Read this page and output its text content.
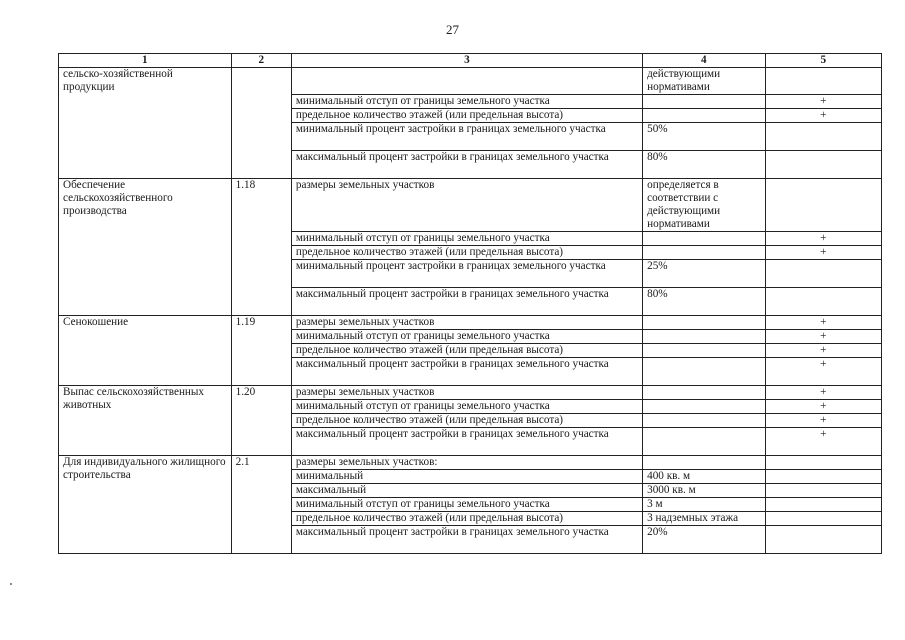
27
1	2	3	4	5
сельско-хозяйственной продукции			действующими нормативами	
		минимальный отступ от границы земельного участка		+
		предельное количество этажей (или предельная высота)		+
		минимальный процент застройки в границах земельного участка	50%	
		максимальный процент застройки в границах земельного участка	80%	
Обеспечение сельскохозяйственного производства	1.18	размеры земельных участков	определяется в соответствии с действующими нормативами	
		минимальный отступ от границы земельного участка		+
		предельное количество этажей (или предельная высота)		+
		минимальный процент застройки в границах земельного участка	25%	
		максимальный процент застройки в границах земельного участка	80%	
Сенокошение	1.19	размеры земельных участков		+
		минимальный отступ от границы земельного участка		+
		предельное количество этажей (или предельная высота)		+
		максимальный процент застройки в границах земельного участка		+
Выпас сельскохозяйственных животных	1.20	размеры земельных участков		+
		минимальный отступ от границы земельного участка		+
		предельное количество этажей (или предельная высота)		+
		максимальный процент застройки в границах земельного участка		+
Для индивидуального жилищного строительства	2.1	размеры земельных участков:		
		минимальный	400 кв. м	
		максимальный	3000 кв. м	
		минимальный отступ от границы земельного участка	3 м	
		предельное количество этажей (или предельная высота)	3 надземных этажа	
		максимальный процент застройки в границах земельного участка	20%	
